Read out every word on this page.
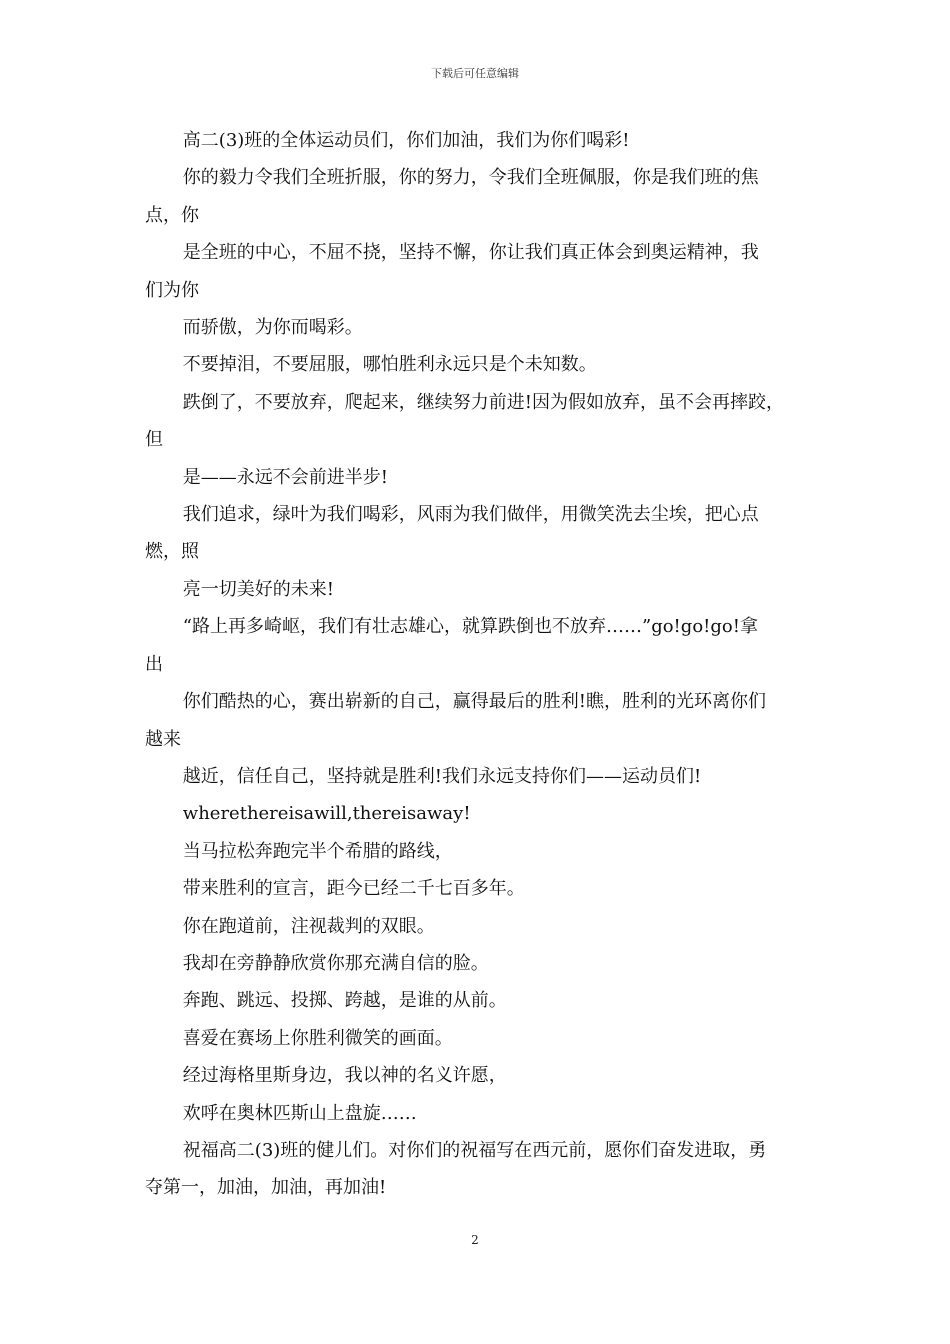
下载后可任意编辑

高二(3)班的全体运动员们，你们加油，我们为你们喝彩!

你的毅力令我们全班折服，你的努力，令我们全班佩服，你是我们班的焦

点，你

是全班的中心，不屈不挠，坚持不懈，你让我们真正体会到奥运精神，我

们为你

而骄傲，为你而喝彩。

不要掉泪，不要屈服，哪怕胜利永远只是个未知数。

跌倒了，不要放弃，爬起来，继续努力前进!因为假如放弃，虽不会再摔跤，

但

是——永远不会前进半步!

我们追求，绿叶为我们喝彩，风雨为我们做伴，用微笑洗去尘埃，把心点

燃，照

亮一切美好的未来!

“路上再多崎岖，我们有壮志雄心，就算跌倒也不放弃……”go!go!go!拿

出

你们酷热的心，赛出崭新的自己，赢得最后的胜利!瞧，胜利的光环离你们

越来

越近，信任自己，坚持就是胜利!我们永远支持你们——运动员们!

wherethereisawill,thereisaway!

当马拉松奔跑完半个希腊的路线，

带来胜利的宣言，距今已经二千七百多年。

你在跑道前，注视裁判的双眼。

我却在旁静静欣赏你那充满自信的脸。

奔跑、跳远、投掷、跨越，是谁的从前。

喜爱在赛场上你胜利微笑的画面。

经过海格里斯身边，我以神的名义许愿，

欢呼在奥林匹斯山上盘旋……

祝福高二(3)班的健儿们。对你们的祝福写在西元前，愿你们奋发进取，勇

夺第一，加油，加油，再加油!

2
